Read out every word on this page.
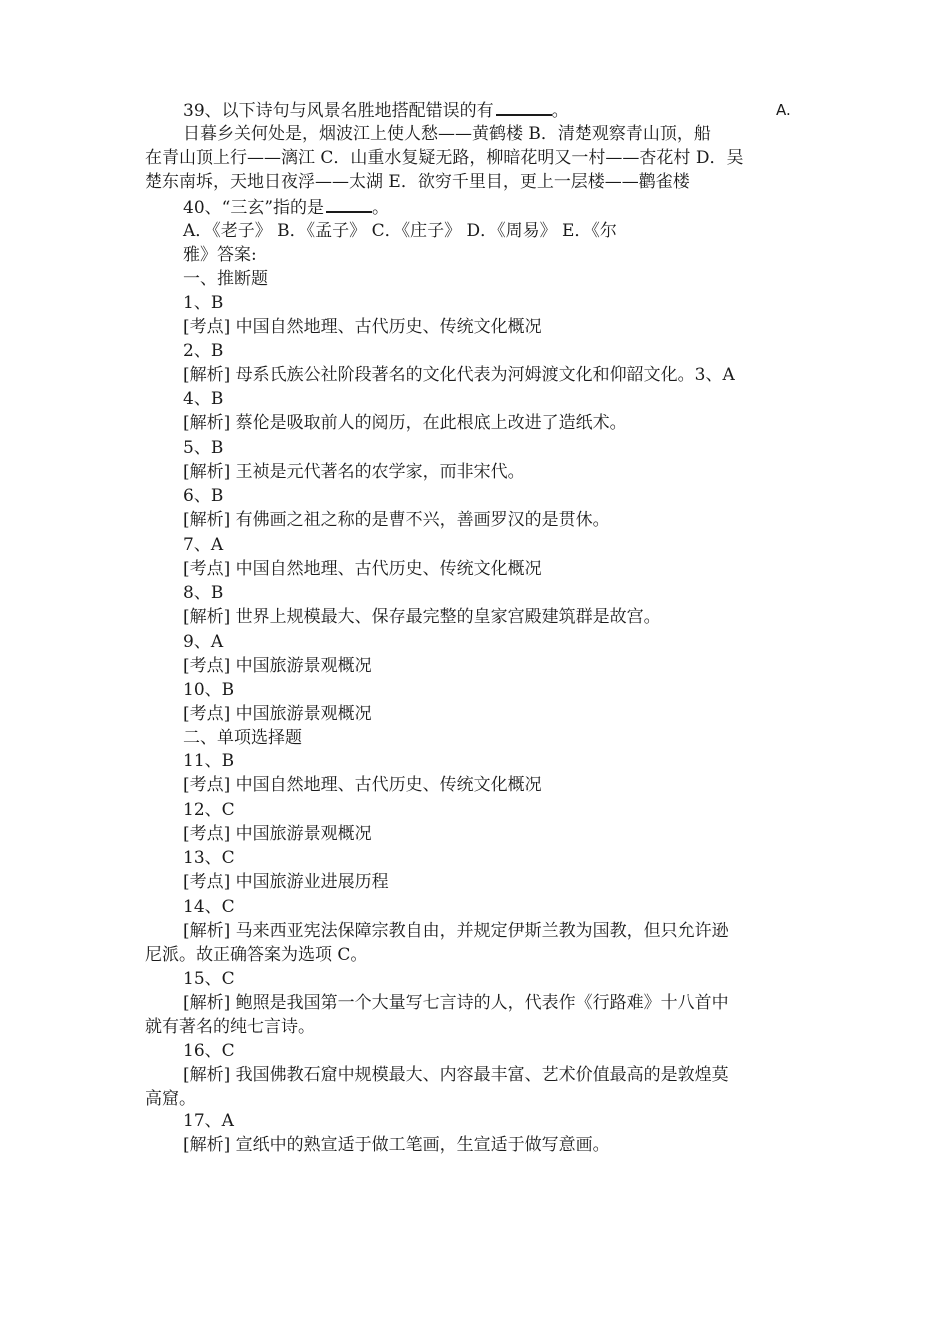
39、以下诗句与风景名胜地搭配错误的有	。	A.
日暮乡关何处是，烟波江上使人愁——黄鹤楼 B．清楚观察青山顶，船
在青山顶上行——漓江 C．山重水复疑无路，柳暗花明又一村——杏花村 D．吴
楚东南坼，天地日夜浮——太湖 E．欲穷千里目，更上一层楼——鹳雀楼
40、“三玄”指的是	。
A．《老子》 B．《孟子》 C．《庄子》 D．《周易》 E．《尔
雅》答案:
一、推断题
1、B
[考点] 中国自然地理、古代历史、传统文化概况
2、B
[解析] 母系氏族公社阶段著名的文化代表为河姆渡文化和仰韶文化。3、A
4、B
[解析] 蔡伦是吸取前人的阅历，在此根底上改进了造纸术。
5、B
[解析] 王祯是元代著名的农学家，而非宋代。
6、B
[解析] 有佛画之祖之称的是曹不兴，善画罗汉的是贯休。
7、A
[考点] 中国自然地理、古代历史、传统文化概况
8、B
[解析] 世界上规模最大、保存最完整的皇家宫殿建筑群是故宫。
9、A
[考点] 中国旅游景观概况
10、B
[考点] 中国旅游景观概况
二、单项选择题
11、B
[考点] 中国自然地理、古代历史、传统文化概况
12、C
[考点] 中国旅游景观概况
13、C
[考点] 中国旅游业进展历程
14、C
[解析] 马来西亚宪法保障宗教自由，并规定伊斯兰教为国教，但只允许逊
尼派。故正确答案为选项 C。
15、C
[解析] 鲍照是我国第一个大量写七言诗的人，代表作《行路难》十八首中
就有著名的纯七言诗。
16、C
[解析] 我国佛教石窟中规模最大、内容最丰富、艺术价值最高的是敦煌莫
高窟。
17、A
[解析] 宣纸中的熟宣适于做工笔画，生宣适于做写意画。
